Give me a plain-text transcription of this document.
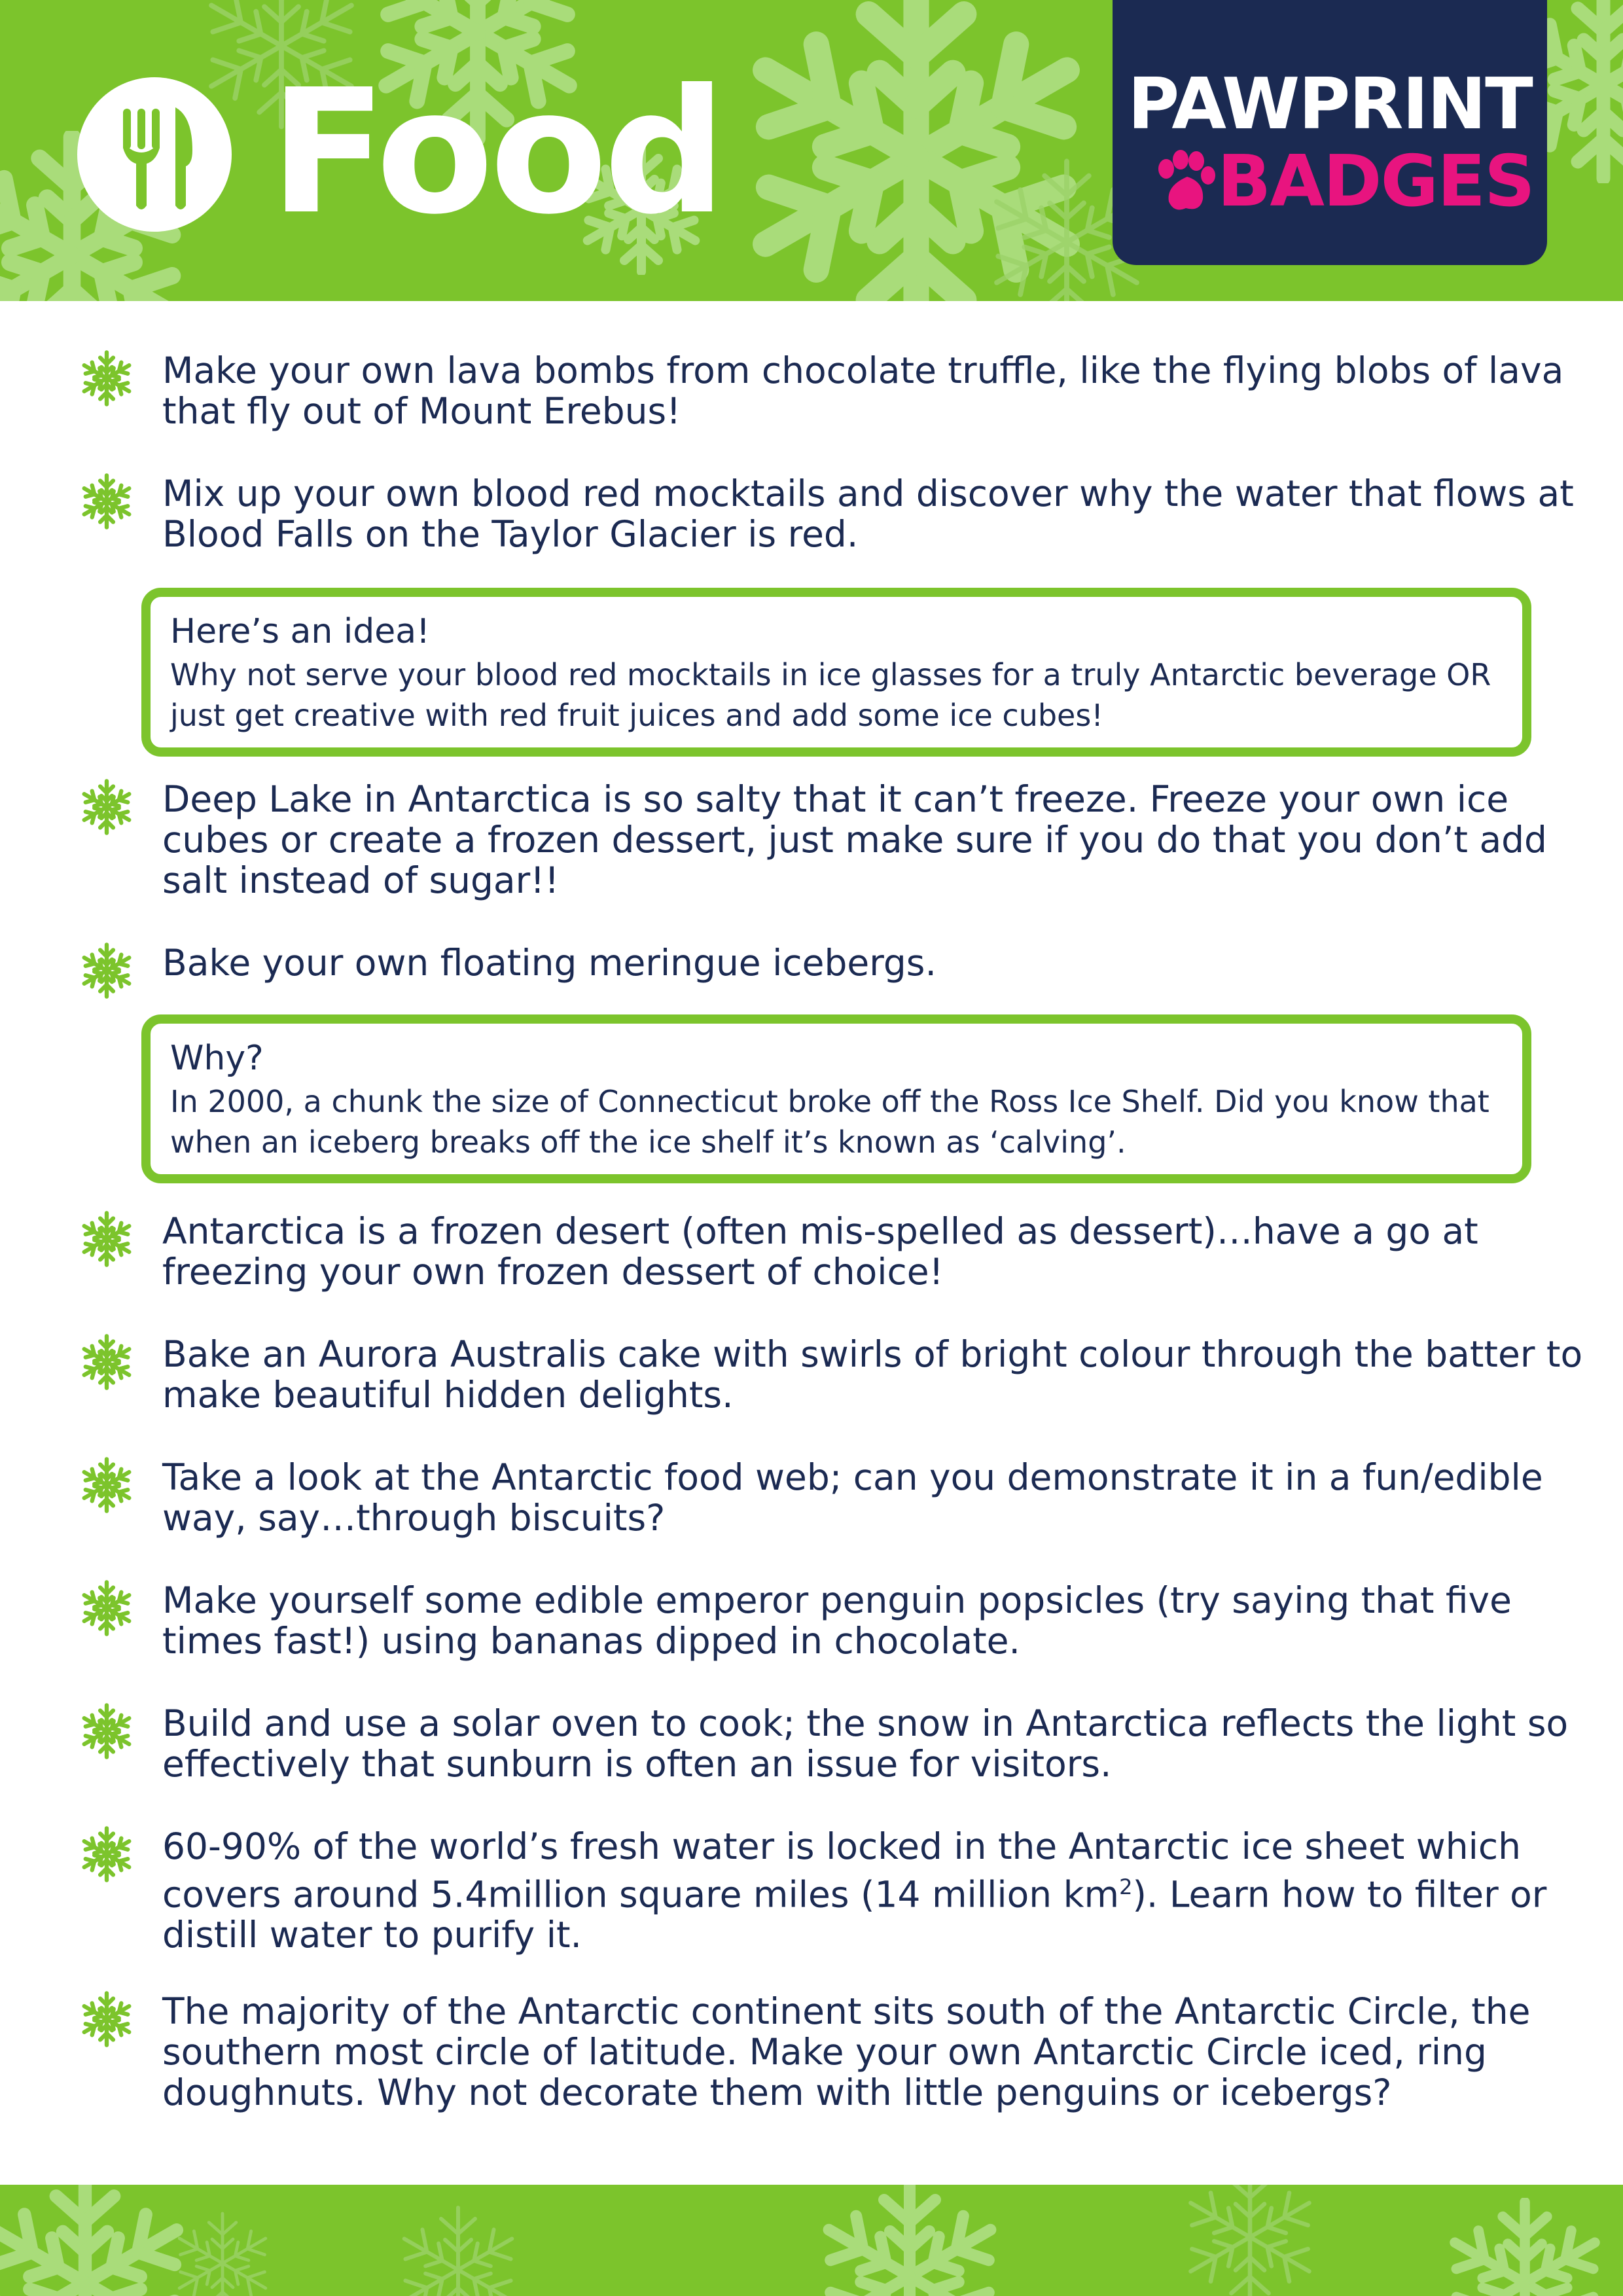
Food	PAWPRINT
BADGES

Make your own lava bombs from chocolate truffle, like the flying blobs of lava that fly out of Mount Erebus!

Mix up your own blood red mocktails and discover why the water that flows at Blood Falls on the Taylor Glacier is red.

Here’s an idea!
Why not serve your blood red mocktails in ice glasses for a truly Antarctic beverage OR just get creative with red fruit juices and add some ice cubes!

Deep Lake in Antarctica is so salty that it can’t freeze. Freeze your own ice cubes or create a frozen dessert, just make sure if you do that you don’t add salt instead of sugar!!

Bake your own floating meringue icebergs.

Why?
In 2000, a chunk the size of Connecticut broke off the Ross Ice Shelf. Did you know that when an iceberg breaks off the ice shelf it’s known as ‘calving’.

Antarctica is a frozen desert (often mis-spelled as dessert)…have a go at freezing your own frozen dessert of choice!

Bake an Aurora Australis cake with swirls of bright colour through the batter to make beautiful hidden delights.

Take a look at the Antarctic food web; can you demonstrate it in a fun/edible way, say…through biscuits?

Make yourself some edible emperor penguin popsicles (try saying that five times fast!) using bananas dipped in chocolate.

Build and use a solar oven to cook; the snow in Antarctica reflects the light so effectively that sunburn is often an issue for visitors.

60-90% of the world’s fresh water is locked in the Antarctic ice sheet which covers around 5.4million square miles (14 million $km^2$). Learn how to filter or distill water to purify it.

The majority of the Antarctic continent sits south of the Antarctic Circle, the southern most circle of latitude. Make your own Antarctic Circle iced, ring doughnuts. Why not decorate them with little penguins or icebergs?
